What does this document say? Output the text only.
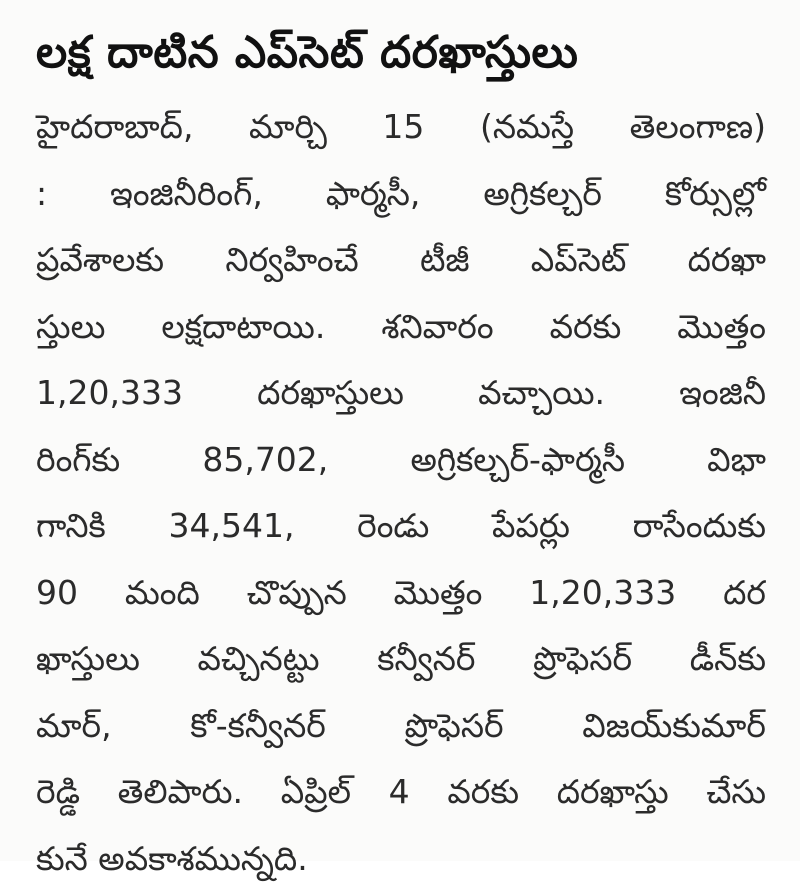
లక్ష దాటిన ఎప్‌సెట్‌ దరఖాస్తులు
హైదరాబాద్‌, మార్చి 15 (నమస్తే తెలంగాణ)
: ఇంజినీరింగ్‌, ఫార్మసీ, అగ్రికల్చర్‌ కోర్సుల్లో
ప్రవేశాలకు నిర్వహించే టీజీ ఎప్‌సెట్‌ దరఖా
స్తులు లక్షదాటాయి. శనివారం వరకు మొత్తం
1,20,333 దరఖాస్తులు వచ్చాయి. ఇంజినీ
రింగ్‌కు 85,702, అగ్రికల్చర్‌-ఫార్మసీ విభా
గానికి 34,541, రెండు పేపర్లు రాసేందుకు
90 మంది చొప్పున మొత్తం 1,20,333 దర
ఖాస్తులు వచ్చినట్టు కన్వీనర్‌ ప్రొఫెసర్‌ డీన్‌కు
మార్‌, కో-కన్వీనర్‌ ప్రొఫెసర్‌ విజయ్‌కుమార్‌
రెడ్డి తెలిపారు. ఏప్రిల్‌ 4 వరకు దరఖాస్తు చేసు
కునే అవకాశమున్నది.
